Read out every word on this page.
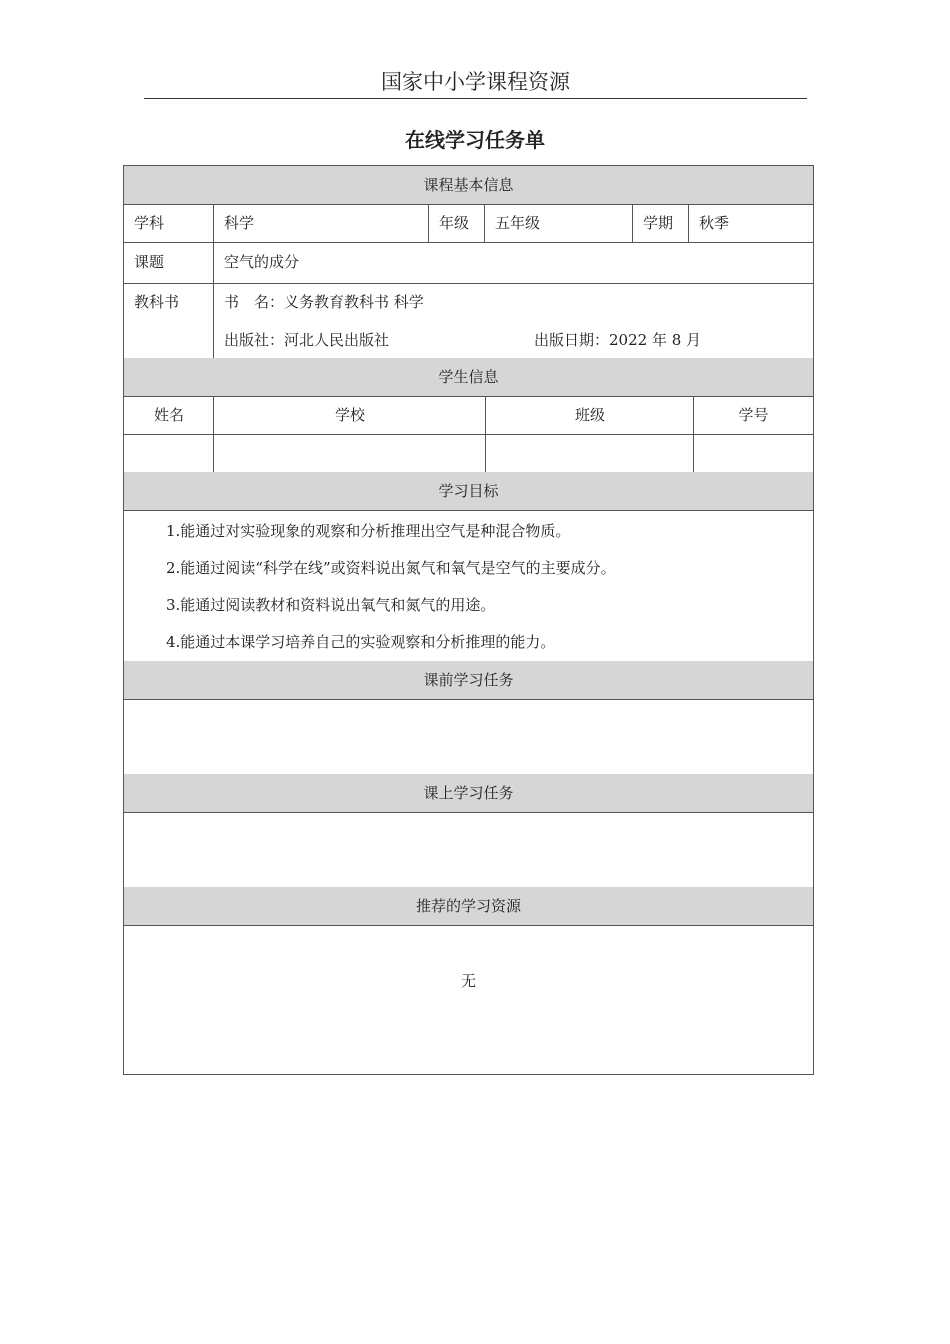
国家中小学课程资源
在线学习任务单
课程基本信息
学科	科学	年级	五年级	学期	秋季
课题	空气的成分
教科书	书　名：义务教育教科书 科学
出版社：河北人民出版社	出版日期：2022 年 8 月
学生信息
姓名	学校	班级	学号
学习目标
1.能通过对实验现象的观察和分析推理出空气是种混合物质。
2.能通过阅读“科学在线”或资料说出氮气和氧气是空气的主要成分。
3.能通过阅读教材和资料说出氧气和氮气的用途。
4.能通过本课学习培养自己的实验观察和分析推理的能力。
课前学习任务
课上学习任务
推荐的学习资源
无
